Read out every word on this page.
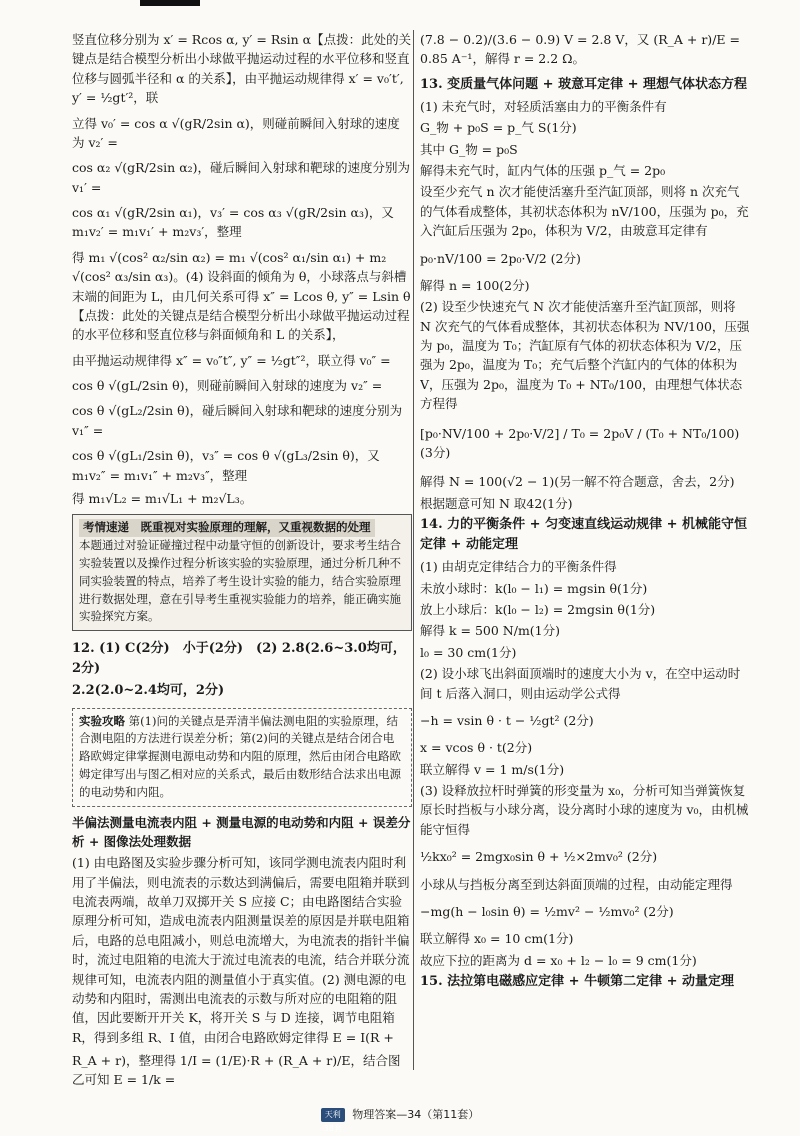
竖直位移分别为 x′ = Rcos α, y′ = Rsin α【点拨：此处的关键点是结合模型分析出小球做平抛运动过程的水平位移和竖直位移与圆弧半径和 α 的关系】，由平抛运动规律得 x′ = v₀′t′, y′ = ½gt′²，联

立得 v₀′ = cos α √(gR/2sin α)，则碰前瞬间入射球的速度为 v₂′ =

cos α₂ √(gR/2sin α₂)，碰后瞬间入射球和靶球的速度分别为 v₁′ =

cos α₁ √(gR/2sin α₁)，v₃′ = cos α₃ √(gR/2sin α₃)，又 m₁v₂′ = m₁v₁′ + m₂v₃′，整理

得 m₁ √(cos² α₂/sin α₂) = m₁ √(cos² α₁/sin α₁) + m₂ √(cos² α₃/sin α₃)。(4) 设斜面的倾角为 θ，小球落点与斜槽末端的间距为 L，由几何关系可得 x″ = Lcos θ, y″ = Lsin θ【点拨：此处的关键点是结合模型分析出小球做平抛运动过程的水平位移和竖直位移与斜面倾角和 L 的关系】，

由平抛运动规律得 x″ = v₀″t″, y″ = ½gt″²，联立得 v₀″ =

cos θ √(gL/2sin θ)，则碰前瞬间入射球的速度为 v₂″ =

cos θ √(gL₂/2sin θ)，碰后瞬间入射球和靶球的速度分别为 v₁″ =

cos θ √(gL₁/2sin θ)，v₃″ = cos θ √(gL₃/2sin θ)，又 m₁v₂″ = m₁v₁″ + m₂v₃″，整理

得 m₁√L₂ = m₁√L₁ + m₂√L₃。

考情速递　既重视对实验原理的理解，又重视数据的处理
本题通过对验证碰撞过程中动量守恒的创新设计，要求考生结合实验装置以及操作过程分析该实验的实验原理，通过分析几种不同实验装置的特点，培养了考生设计实验的能力，结合实验原理进行数据处理，意在引导考生重视实验能力的培养，能正确实施实验探究方案。

12. (1) C(2分)　小于(2分)　(2) 2.8(2.6~3.0均可，2分)

2.2(2.0~2.4均可，2分)

实验攻略 第(1)问的关键点是弄清半偏法测电阻的实验原理，结合测电阻的方法进行误差分析；第(2)问的关键点是结合闭合电路欧姆定律掌握测电源电动势和内阻的原理，然后由闭合电路欧姆定律写出与图乙相对应的关系式，最后由数形结合法求出电源的电动势和内阻。

半偏法测量电流表内阻 + 测量电源的电动势和内阻 + 误差分析 + 图像法处理数据

(1) 由电路图及实验步骤分析可知，该同学测电流表内阻时利用了半偏法，则电流表的示数达到满偏后，需要电阻箱并联到电流表两端，故单刀双掷开关 S 应接 C；由电路图结合实验原理分析可知，造成电流表内阻测量误差的原因是并联电阻箱后，电路的总电阻减小，则总电流增大，为电流表的指针半偏时，流过电阻箱的电流大于流过电流表的电流，结合并联分流规律可知，电流表内阻的测量值小于真实值。(2) 测电源的电动势和内阻时，需测出电流表的示数与所对应的电阻箱的阻值，因此要断开开关 K，将开关 S 与 D 连接，调节电阻箱 R，得到多组 R、I 值，由闭合电路欧姆定律得 E = I(R +

R_A + r)，整理得 1/I = (1/E)·R + (R_A + r)/E，结合图乙可知 E = 1/k =

(7.8 − 0.2)/(3.6 − 0.9) V = 2.8 V，又 (R_A + r)/E = 0.85 A⁻¹，解得 r = 2.2 Ω。

13. 变质量气体问题 + 玻意耳定律 + 理想气体状态方程

(1) 未充气时，对轻质活塞由力的平衡条件有

G_物 + p₀S = p_气 S(1分)

其中 G_物 = p₀S

解得未充气时，缸内气体的压强 p_气 = 2p₀

设至少充气 n 次才能使活塞升至汽缸顶部，则将 n 次充气的气体看成整体，其初状态体积为 nV/100，压强为 p₀，充入汽缸后压强为 2p₀，体积为 V/2，由玻意耳定律有

p₀·nV/100 = 2p₀·V/2 (2分)

解得 n = 100(2分)

(2) 设至少快速充气 N 次才能使活塞升至汽缸顶部，则将 N 次充气的气体看成整体，其初状态体积为 NV/100，压强为 p₀，温度为 T₀；汽缸原有气体的初状态体积为 V/2，压强为 2p₀，温度为 T₀；充气后整个汽缸内的气体的体积为 V，压强为 2p₀，温度为 T₀ + NT₀/100，由理想气体状态方程得

[p₀·NV/100 + 2p₀·V/2] / T₀ = 2p₀V / (T₀ + NT₀/100) (3分)

解得 N = 100(√2 − 1)(另一解不符合题意，舍去，2分)

根据题意可知 N 取42(1分)

14. 力的平衡条件 + 匀变速直线运动规律 + 机械能守恒定律 + 动能定理

(1) 由胡克定律结合力的平衡条件得

未放小球时：k(l₀ − l₁) = mgsin θ(1分)

放上小球后：k(l₀ − l₂) = 2mgsin θ(1分)

解得 k = 500 N/m(1分)

l₀ = 30 cm(1分)

(2) 设小球飞出斜面顶端时的速度大小为 v，在空中运动时间 t 后落入洞口，则由运动学公式得

−h = vsin θ · t − ½gt² (2分)

x = vcos θ · t(2分)

联立解得 v = 1 m/s(1分)

(3) 设释放拉杆时弹簧的形变量为 x₀，分析可知当弹簧恢复原长时挡板与小球分离，设分离时小球的速度为 v₀，由机械能守恒得

½kx₀² = 2mgx₀sin θ + ½×2mv₀² (2分)

小球从与挡板分离至到达斜面顶端的过程，由动能定理得

−mg(h − l₀sin θ) = ½mv² − ½mv₀² (2分)

联立解得 x₀ = 10 cm(1分)

故应下拉的距离为 d = x₀ + l₂ − l₀ = 9 cm(1分)

15. 法拉第电磁感应定律 + 牛顿第二定律 + 动量定理

天利38套 物理答案—34（第11套）
